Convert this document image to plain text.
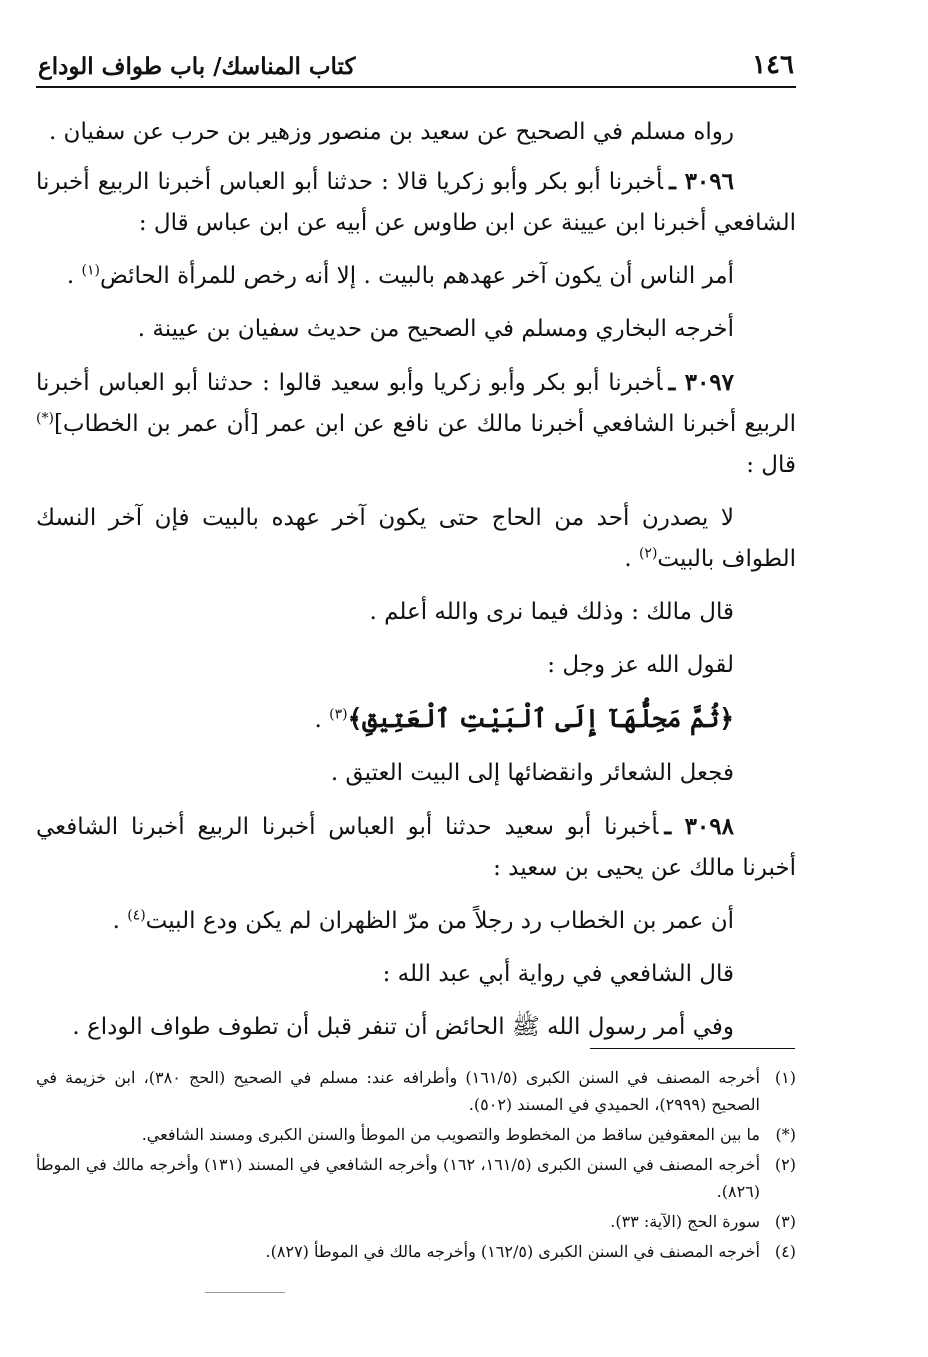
١٤٦
كتاب المناسك/ باب طواف الوداع

رواه مسلم في الصحيح عن سعيد بن منصور وزهير بن حرب عن سفيان .

٣٠٩٦ ـأخبرنا أبو بكر وأبو زكريا قالا : حدثنا أبو العباس أخبرنا الربيع أخبرنا الشافعي أخبرنا ابن عيينة عن ابن طاوس عن أبيه عن ابن عباس قال :

أمر الناس أن يكون آخر عهدهم بالبيت . إلا أنه رخص للمرأة الحائض$^{(١)}$ .

أخرجه البخاري ومسلم في الصحيح من حديث سفيان بن عيينة .

٣٠٩٧ ـأخبرنا أبو بكر وأبو زكريا وأبو سعيد قالوا : حدثنا أبو العباس أخبرنا الربيع أخبرنا الشافعي أخبرنا مالك عن نافع عن ابن عمر [أن عمر بن الخطاب](*) قال :

لا يصدرن أحد من الحاج حتى يكون آخر عهده بالبيت فإن آخر النسك الطواف بالبيت$^{(٢)}$ .

قال مالك : وذلك فيما نرى والله أعلم .

لقول الله عز وجل :

﴿ثُمَّ مَحِلُّهَآ إِلَى ٱلْبَيْتِ ٱلْعَتِيقِ﴾$^{(٣)}$ .

فجعل الشعائر وانقضائها إلى البيت العتيق .

٣٠٩٨ ـأخبرنا أبو سعيد حدثنا أبو العباس أخبرنا الربيع أخبرنا الشافعي أخبرنا مالك عن يحيى بن سعيد :

أن عمر بن الخطاب رد رجلاً من مرّ الظهران لم يكن ودع البيت$^{(٤)}$ .

قال الشافعي في رواية أبي عبد الله :

وفي أمر رسول الله ﷺ الحائض أن تنفر قبل أن تطوف طواف الوداع .

(١)
أخرجه المصنف في السنن الكبرى (١٦١/٥) وأطرافه عند: مسلم في الصحيح (الحج ٣٨٠)، ابن خزيمة في الصحيح (٢٩٩٩)، الحميدي في المسند (٥٠٢).
(*)
ما بين المعقوفين ساقط من المخطوط والتصويب من الموطأ والسنن الكبرى ومسند الشافعي.
(٢)
أخرجه المصنف في السنن الكبرى (١٦١/٥، ١٦٢) وأخرجه الشافعي في المسند (١٣١) وأخرجه مالك في الموطأ (٨٢٦).
(٣)
سورة الحج (الآية: ٣٣).
(٤)
أخرجه المصنف في السنن الكبرى (١٦٢/٥) وأخرجه مالك في الموطأ (٨٢٧).
